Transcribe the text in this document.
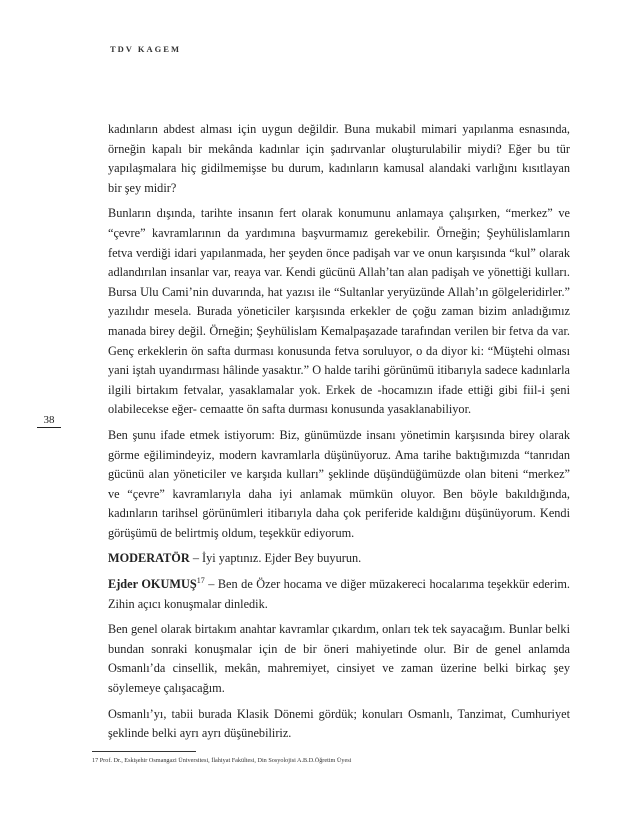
TDV KAGEM
38

kadınların abdest alması için uygun değildir. Buna mukabil mimari yapılanma esnasında, örneğin kapalı bir mekânda kadınlar için şadırvanlar oluşturulabilir miydi? Eğer bu tür yapılaşmalara hiç gidilmemişse bu durum, kadınların kamusal alandaki varlığını kısıtlayan bir şey midir?

Bunların dışında, tarihte insanın fert olarak konumunu anlamaya çalışırken, “merkez” ve “çevre” kavramlarının da yardımına başvurmamız gerekebilir. Örneğin; Şeyhülislamların fetva verdiği idari yapılanmada, her şeyden önce padişah var ve onun karşısında “kul” olarak adlandırılan insanlar var, reaya var. Kendi gücünü Allah’tan alan padişah ve yönettiği kulları. Bursa Ulu Cami’nin duvarında, hat yazısı ile “Sultanlar yeryüzünde Allah’ın gölgeleridirler.” yazılıdır mesela. Burada yöneticiler karşısında erkekler de çoğu zaman bizim anladığımız manada birey değil. Örneğin; Şeyhülislam Kemalpaşazade tarafından verilen bir fetva da var. Genç erkeklerin ön safta durması konusunda fetva soruluyor, o da diyor ki: “Müştehi olması yani iştah uyandırması hâlinde yasaktır.” O halde tarihi görünümü itibarıyla sadece kadınlarla ilgili birtakım fetvalar, yasaklamalar yok. Erkek de -hocamızın ifade ettiği gibi fiil-i şeni olabilecekse eğer- cemaatte ön safta durması konusunda yasaklanabiliyor.

Ben şunu ifade etmek istiyorum: Biz, günümüzde insanı yönetimin karşısında birey olarak görme eğilimindeyiz, modern kavramlarla düşünüyoruz. Ama tarihe baktığımızda “tanrıdan gücünü alan yöneticiler ve karşıda kulları” şeklinde düşündüğümüzde olan biteni “merkez” ve “çevre” kavramlarıyla daha iyi anlamak mümkün oluyor. Ben böyle bakıldığında, kadınların tarihsel görünümleri itibarıyla daha çok periferide kaldığını düşünüyorum. Kendi görüşümü de belirtmiş oldum, teşekkür ediyorum.

MODERATÖR – İyi yaptınız. Ejder Bey buyurun.

Ejder OKUMUŞ$^{17}$ – Ben de Özer hocama ve diğer müzakereci hocalarıma teşekkür ederim. Zihin açıcı konuşmalar dinledik.

Ben genel olarak birtakım anahtar kavramlar çıkardım, onları tek tek sayacağım. Bunlar belki bundan sonraki konuşmalar için de bir öneri mahiyetinde olur. Bir de genel anlamda Osmanlı’da cinsellik, mekân, mahremiyet, cinsiyet ve zaman üzerine belki birkaç şey söylemeye çalışacağım.

Osmanlı’yı, tabii burada Klasik Dönemi gördük; konuları Osmanlı, Tanzimat, Cumhuriyet şeklinde belki ayrı ayrı düşünebiliriz.

17 Prof. Dr., Eskişehir Osmangazi Üniversitesi, İlahiyat Fakültesi, Din Sosyolojisi A.B.D.Öğretim Üyesi
